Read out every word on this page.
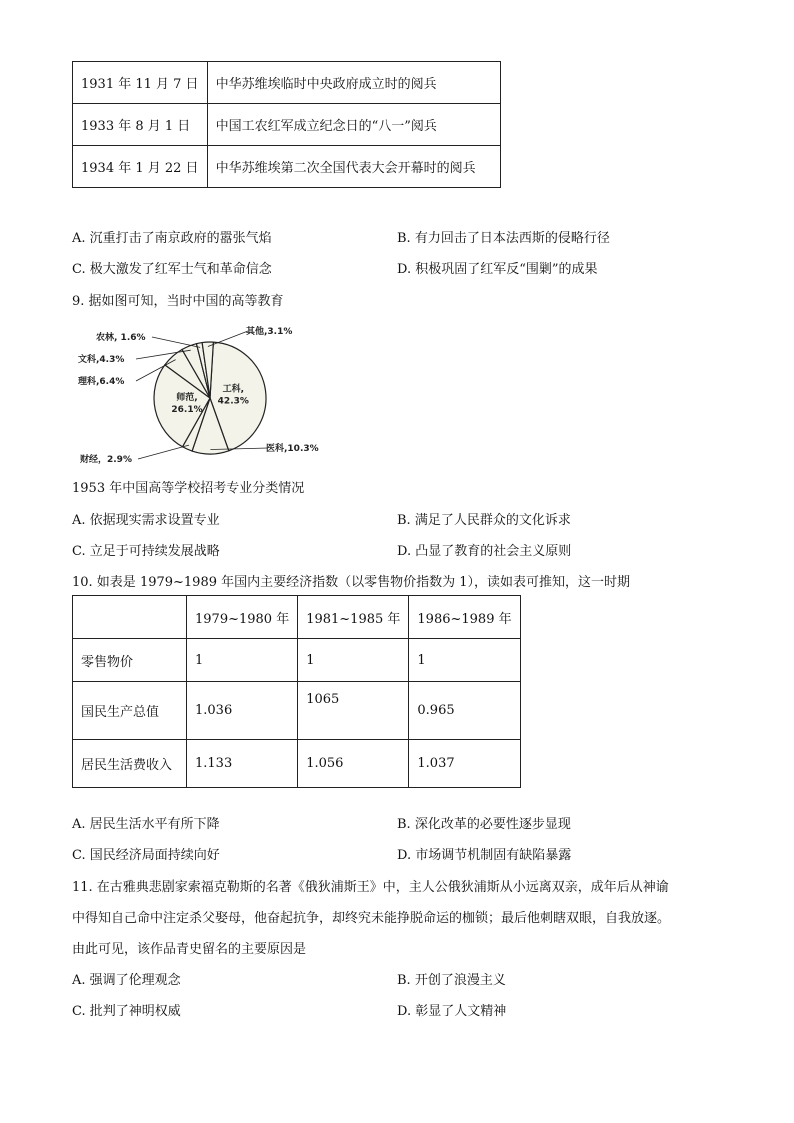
1931 年 11 月 7 日	中华苏维埃临时中央政府成立时的阅兵
1933 年 8 月 1 日	中国工农红军成立纪念日的“八一”阅兵
1934 年 1 月 22 日	中华苏维埃第二次全国代表大会开幕时的阅兵
A. 沉重打击了南京政府的嚣张气焰	B. 有力回击了日本法西斯的侵略行径
C. 极大激发了红军士气和革命信念	D. 积极巩固了红军反“围剿”的成果
9. 据如图可知，当时中国的高等教育
工科,
42.3%
医科,10.3%
财经，2.9%
师范,
26.1%
理科,6.4%
文科,4.3%
农林, 1.6%
其他,3.1%
1953 年中国高等学校招考专业分类情况
A. 依据现实需求设置专业	B. 满足了人民群众的文化诉求
C. 立足于可持续发展战略	D. 凸显了教育的社会主义原则
10. 如表是 1979~1989 年国内主要经济指数（以零售物价指数为 1），读如表可推知，这一时期
	1979~1980 年	1981~1985 年	1986~1989 年
零售物价	1	1	1
国民生产总值	1.036	1065	0.965
居民生活费收入	1.133	1.056	1.037
A. 居民生活水平有所下降	B. 深化改革的必要性逐步显现
C. 国民经济局面持续向好	D. 市场调节机制固有缺陷暴露
11. 在古雅典悲剧家索福克勒斯的名著《俄狄浦斯王》中，主人公俄狄浦斯从小远离双亲，成年后从神谕
中得知自己命中注定杀父娶母，他奋起抗争，却终究未能挣脱命运的枷锁；最后他刺瞎双眼，自我放逐。
由此可见，该作品青史留名的主要原因是
A. 强调了伦理观念	B. 开创了浪漫主义
C. 批判了神明权威	D. 彰显了人文精神
